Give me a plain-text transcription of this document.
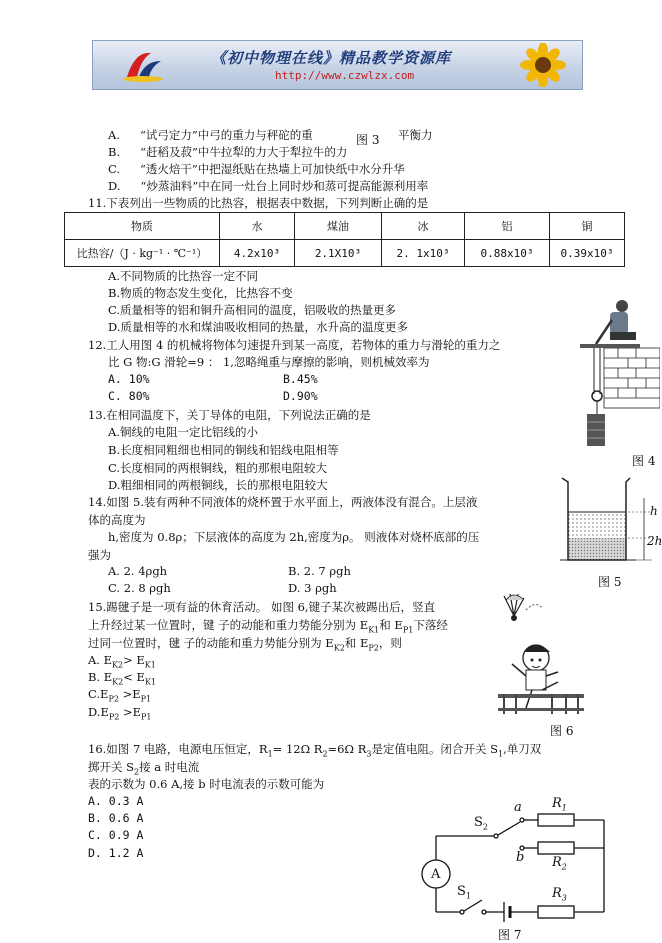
《初中物理在线》精品教学资源库
http://www.czwlzx.com
A. “试弓定力”中弓的重力与秤砣的重	图 3 平衡力
B. “赶稻及菽”中牛拉犁的力大于犁拉牛的力
C. “透火焙干”中把湿纸贴在热墙上可加快纸中水分升华
D. “炒蒸油料”中在同一灶台上同时炒和蒸可提高能源利用率
11.下表列出一些物质的比热容，根据表中数据，下列判断止确的是
物质	水	煤油	冰	铝	铜
比热容/（J · kg⁻¹ · ℃⁻¹）	4.2x10³	2.1X10³	2. 1x10³	0.88x10³	0.39x10³
A.不同物质的比热容一定不同
B.物质的物态发生变化，比热容不变
C.质量相等的铝和铜升高相同的温度，铝吸收的热量更多
D.质量相等的水和煤油吸收相同的热量，水升高的温度更多
12.工人用图 4 的机械将物体匀速提升到某一高度，若物体的重力与滑轮的重力之
比 G 物:G 滑轮=9 ： 1,忽略绳重与摩擦的影响，则机械效率为
A. 10%	B.45%
C. 80%	D.90%
图 4
13.在相同温度下，关丁导体的电阻，下列说法正确的是
A.铜线的电阻一定比铝线的小
B.长度相同粗细也相同的铜线和铝线电阻相等
C.长度相同的两根铜线，粗的那根电阻较大
D.粗细相同的两根铜线，长的那根电阻较大
14.如图 5.装有两种不同液体的烧杯置于水平面上，两液体没有混合。上层液
体的高度为
h,密度为 0.8ρ；下层液体的高度为 2h,密度为ρ。 则液体对烧杯底部的压
强为
A. 2. 4ρgh	B. 2. 7 ρgh
C. 2. 8 ρgh	D. 3 ρgh
h
2h
图 5
15.踢毽子是一项有益的休育活动。 如图 6,键子某次被踢出后，竖直
上升经过某一位置时，键 子的动能和重力势能分别为 $E_{K1}$和 $E_{P1}$下落经
过同一位置时，毽 子的动能和重力势能分别为 $E_{K2}$和 $E_{P2}$，则
A. $E_{K2}> E_{K1}$
B. $E_{K2}< E_{K1}$
$C.E_{P2} >E_{P1}$
$D.E_{P2} >E_{P1}$
图 6
16.如图 7 电路，电源电压恒定，$R_1= 12\Omega$ $R_2=6\Omega$ $R_3$是定值电阻。闭合开关 $S_1$,单刀双
掷开关 $S_2$接 a 时电流
表的示数为 0.6 A,接 b 时电流表的示数可能为
A. 0.3 A
B. 0.6 A
C. 0.9 A
D. 1.2 A
A
$S_2$
$S_1$
a
b
$R_1$
$R_2$
$R_3$
图 7
